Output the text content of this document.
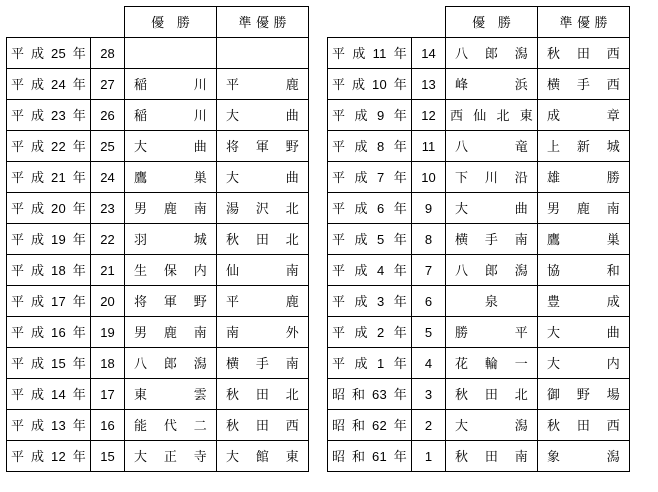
		優 勝	準優勝

平成25年	28		

平成24年	27	稲川	平鹿

平成23年	26	稲川	大曲

平成22年	25	大曲	将軍野

平成21年	24	鷹巣	大曲

平成20年	23	男鹿南	湯沢北

平成19年	22	羽城	秋田北

平成18年	21	生保内	仙南

平成17年	20	将軍野	平鹿

平成16年	19	男鹿南	南外

平成15年	18	八郎潟	横手南

平成14年	17	東雲	秋田北

平成13年	16	能代二	秋田西

平成12年	15	大正寺	大館東
		優 勝	準優勝

平成11年	14	八郎潟	秋田西

平成10年	13	峰浜	横手西

平成9年	12	西仙北東	成章

平成8年	11	八竜	上新城

平成7年	10	下川沿	雄勝

平成6年	9	大曲	男鹿南

平成5年	8	横手南	鷹巣

平成4年	7	八郎潟	協和

平成3年	6	泉	豊成

平成2年	5	勝平	大曲

平成1年	4	花輪一	大内

昭和63年	3	秋田北	御野場

昭和62年	2	大潟	秋田西

昭和61年	1	秋田南	象潟
